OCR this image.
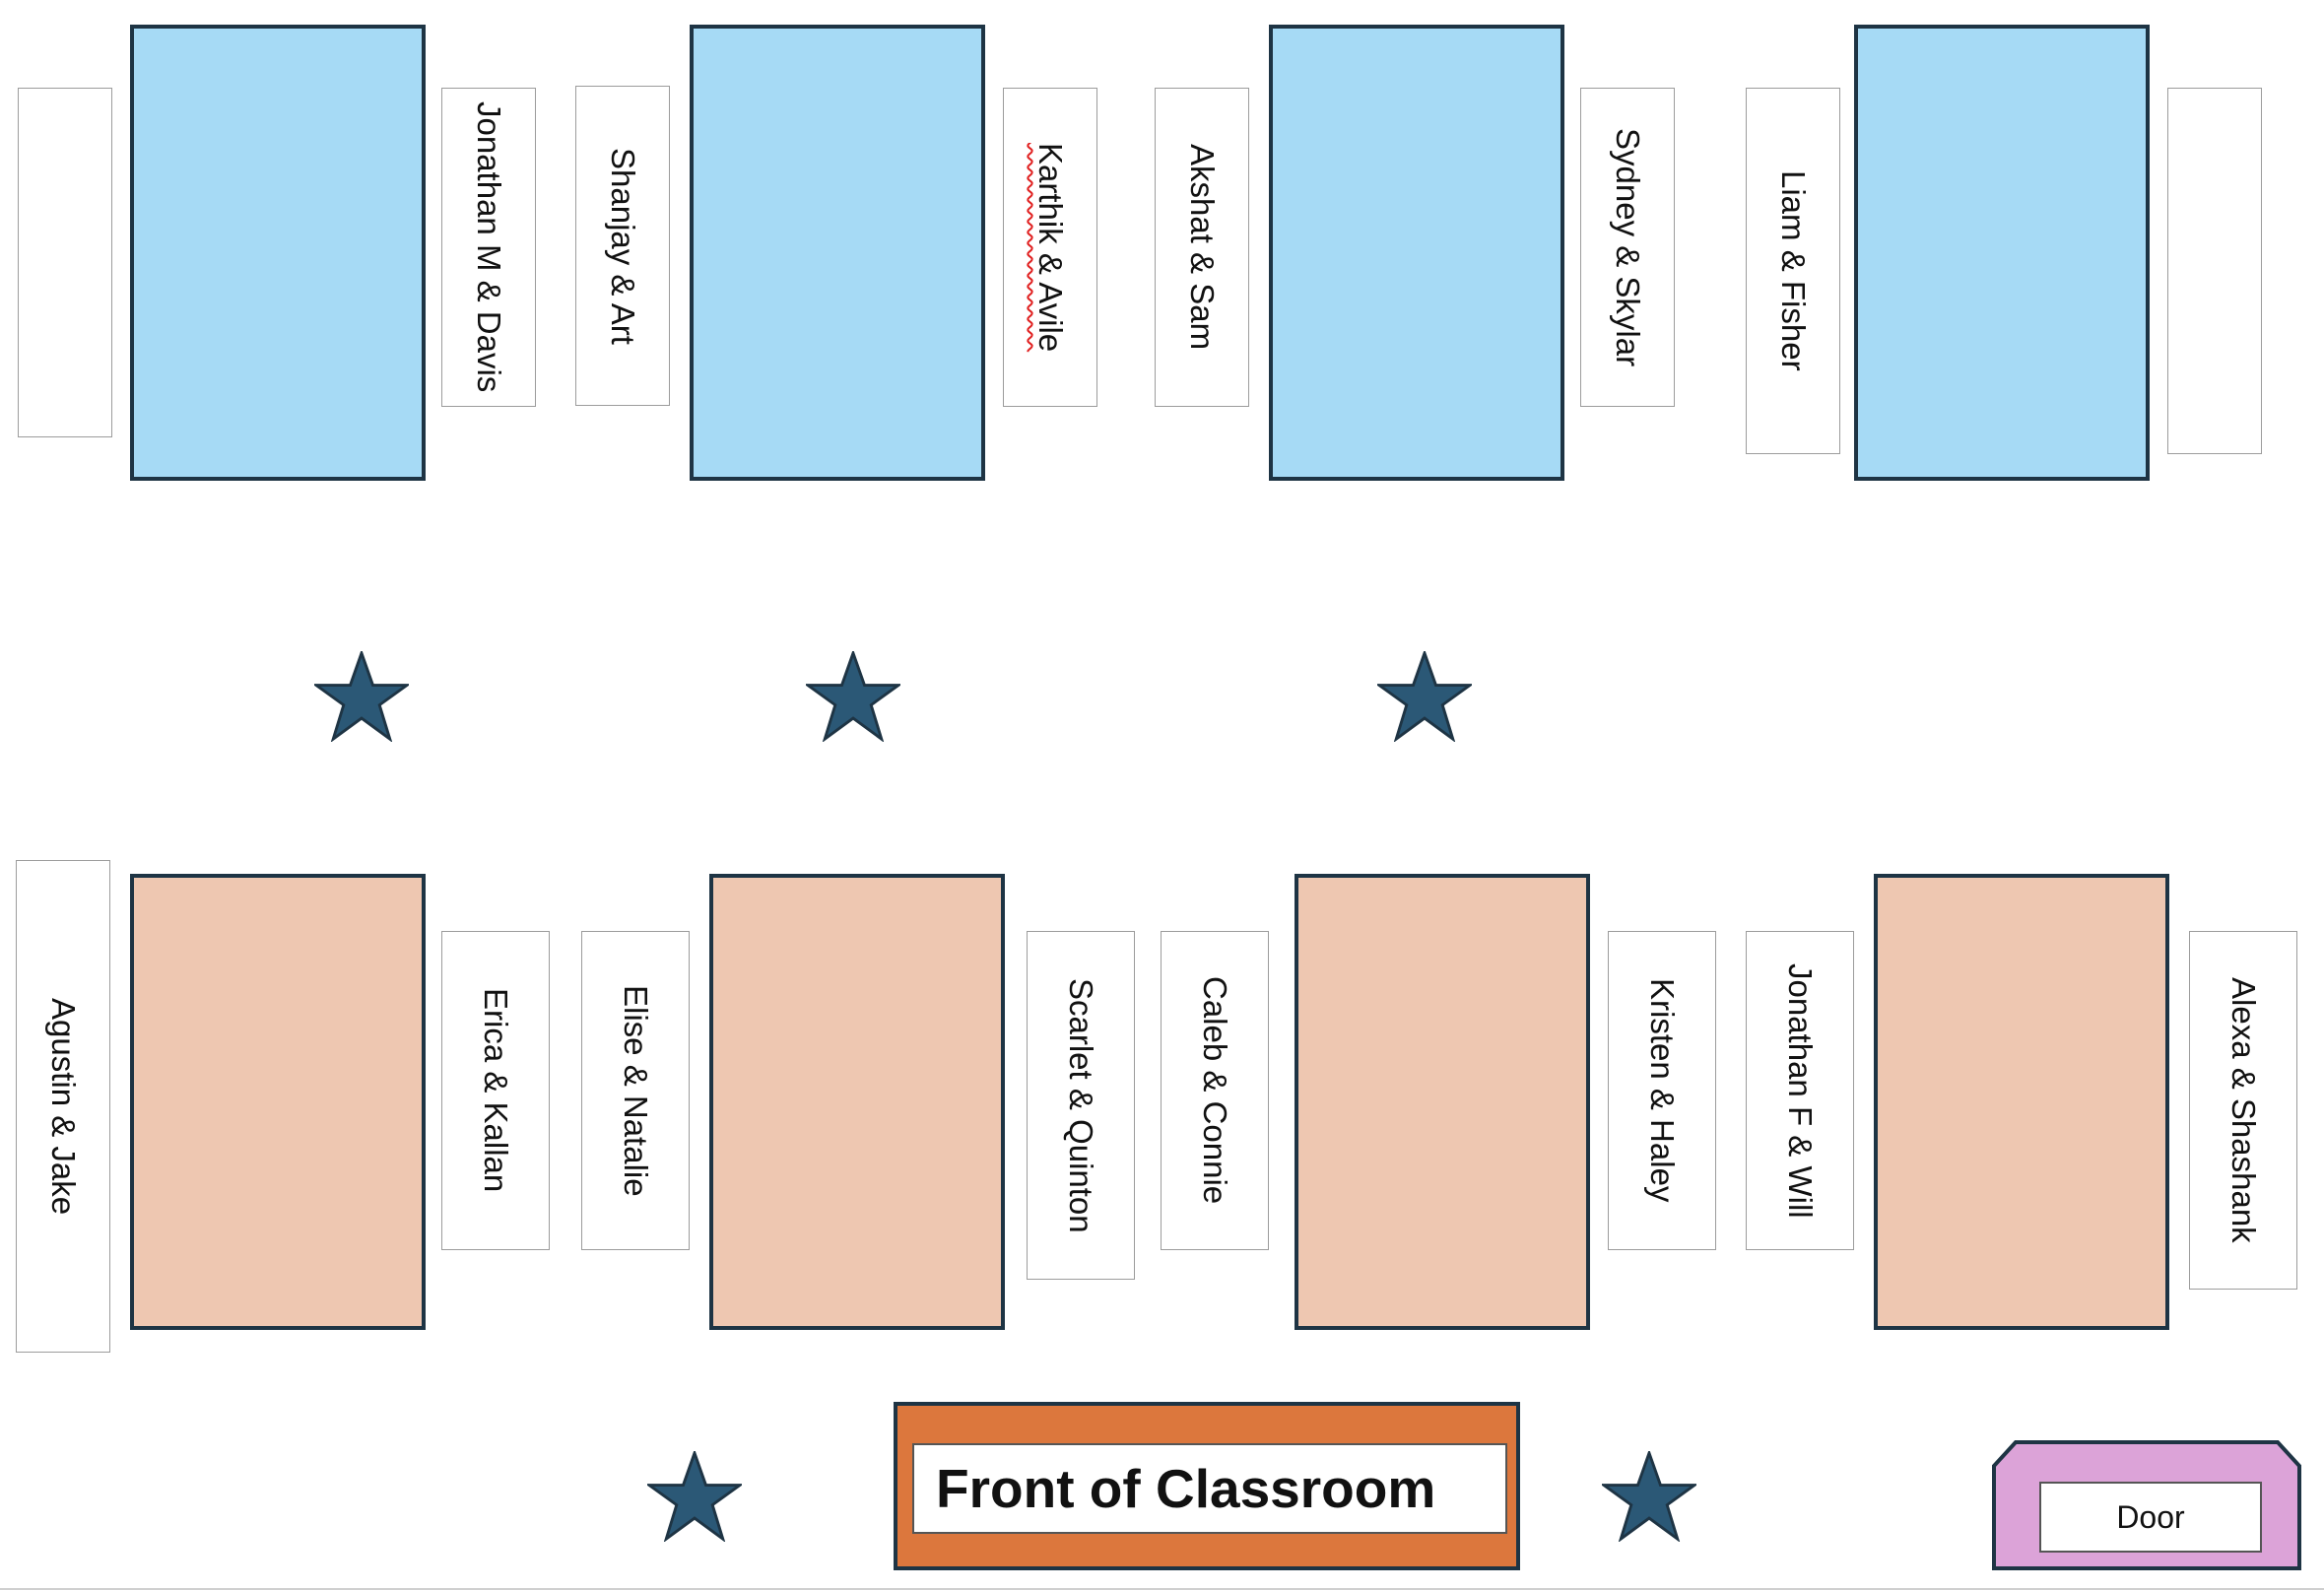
Jonathan M & Davis	Shanjay & Art	Karthik & Avile	Akshat & Sam	Sydney & Skylar	Liam & Fisher
Agustin & Jake	Erica & Kallan	Elise & Natalie	Scarlet & Quinton	Caleb & Connie	Kristen & Haley	Jonathan F & Will	Alexa & Shashank
Front of Classroom	Door
